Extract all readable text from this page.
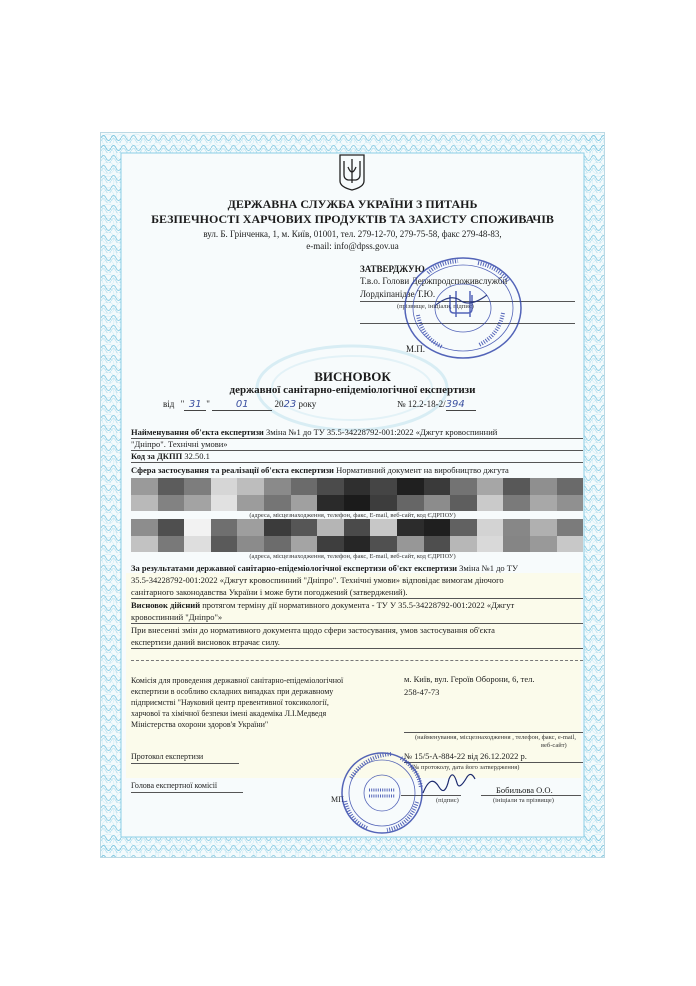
ДЕРЖАВНА СЛУЖБА УКРАЇНИ З ПИТАНЬ
БЕЗПЕЧНОСТІ ХАРЧОВИХ ПРОДУКТІВ ТА ЗАХИСТУ СПОЖИВАЧІВ
вул. Б. Грінченка, 1, м. Київ, 01001, тел. 279-12-70, 279-75-58, факс 279-48-83,
e-mail: info@dpss.gov.ua
ЗАТВЕРДЖУЮ
Т.в.о. Голови Держпродспоживслужби
Лордкіпанідзе Т.Ю.
(прізвище, ініціали, підпис)
М.П.
ВИСНОВОК
державної санітарно-епідеміологічної експертизи
від " 31 "	01	2023 року	№ 12.2-18-2/394
Найменування об'єкта експертизи Зміна №1 до ТУ 35.5-34228792-001:2022 «Джгут кровоспинний
"Дніпро". Технічні умови»
Код за ДКПП 32.50.1
Сфера застосування та реалізації об'єкта експертизи Нормативний документ на виробництво джгута
(адреса, місцезнаходження, телефон, факс, E-mail, веб-сайт, код ЄДРПОУ)
(адреса, місцезнаходження, телефон, факс, E-mail, веб-сайт, код ЄДРПОУ)
За результатами державної санітарно-епідеміологічної експертизи об'єкт експертизи Зміна №1 до ТУ
35.5-34228792-001:2022 «Джгут кровоспинний "Дніпро". Технічні умови» відповідає вимогам діючого
санітарного законодавства України і може бути погоджений (затверджений).
Висновок дійсний протягом терміну дії нормативного документа - ТУ У 35.5-34228792-001:2022 «Джгут
кровоспинний "Дніпро"»
При внесенні змін до нормативного документа щодо сфери застосування, умов застосування об'єкта
експертизи даний висновок втрачає силу.
Комісія для проведення державної санітарно-епідеміологічної
експертизи в особливо складних випадках при державному
підприємстві "Науковий центр превентивної токсикології,
харчової та хімічної безпеки імені академіка Л.І.Медведя
Міністерства охорони здоров'я України"
м. Київ, вул. Героїв Оборони, 6, тел.
258-47-73
(найменування, місцезнаходження , телефон, факс, e-mail,
веб-сайт)
Протокол експертизи	№ 15/5-А-884-22 від 26.12.2022 р.
(№ протоколу, дата його затвердження)
Голова експертної комісії
МП	(підпис)
Бобильова О.О.
(ініціали та прізвище)
